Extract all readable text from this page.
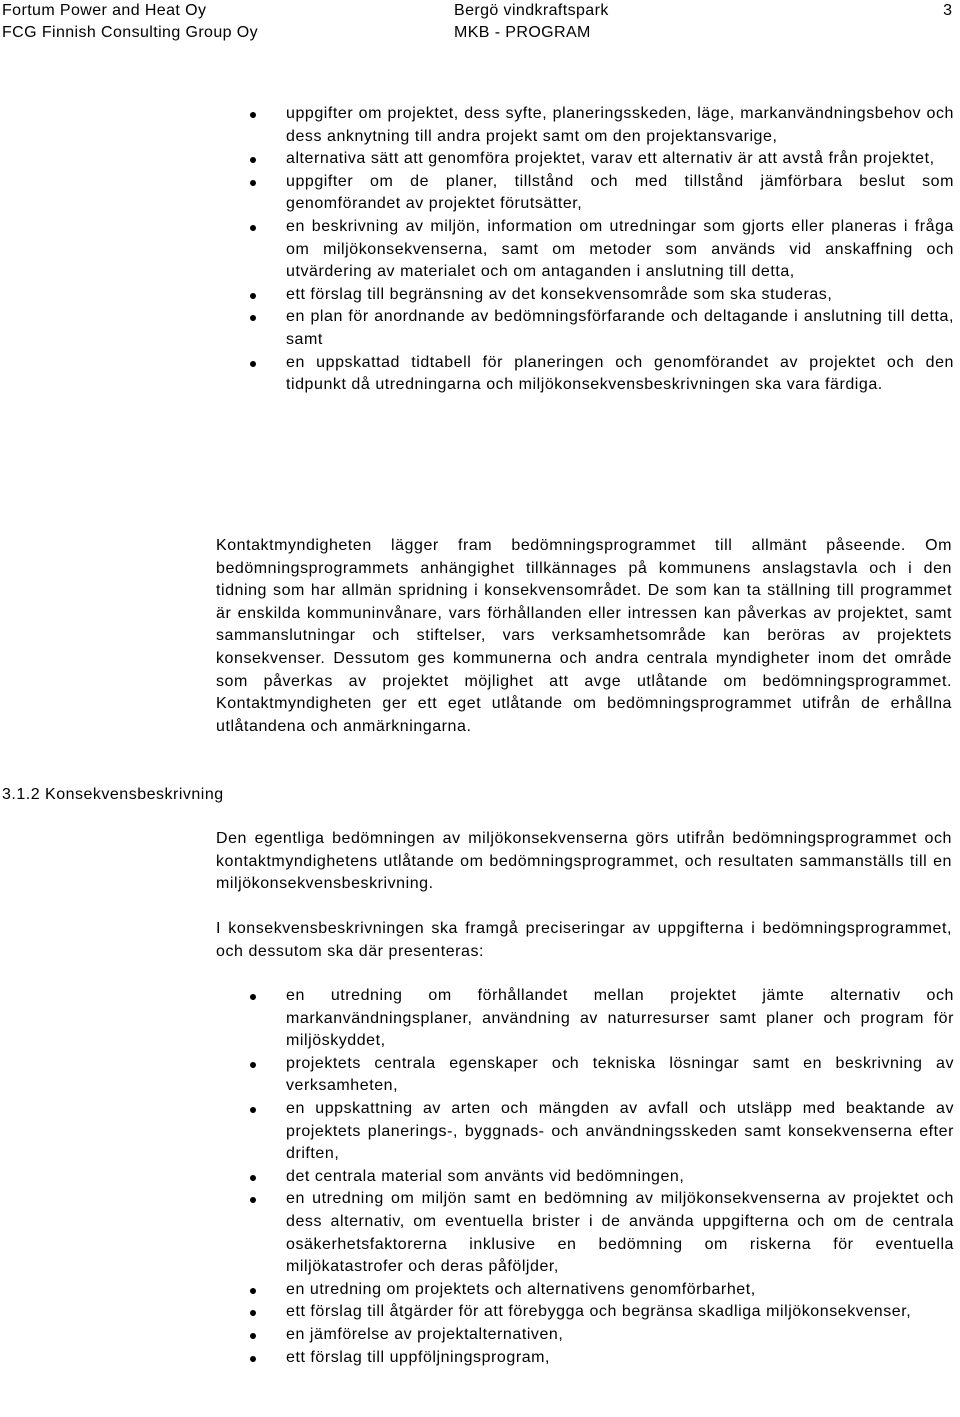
Fortum Power and Heat Oy
FCG Finnish Consulting Group Oy
Bergö vindkraftspark
MKB - PROGRAM
3
uppgifter om projektet, dess syfte, planeringsskeden, läge, markanvändningsbehov och dess anknytning till andra projekt samt om den projektansvarige,
alternativa sätt att genomföra projektet, varav ett alternativ är att avstå från projektet,
uppgifter om de planer, tillstånd och med tillstånd jämförbara beslut som genomförandet av projektet förutsätter,
en beskrivning av miljön, information om utredningar som gjorts eller planeras i fråga om miljökonsekvenserna, samt om metoder som används vid anskaffning och utvärdering av materialet och om antaganden i anslutning till detta,
ett förslag till begränsning av det konsekvensområde som ska studeras,
en plan för anordnande av bedömningsförfarande och deltagande i anslutning till detta, samt
en uppskattad tidtabell för planeringen och genomförandet av projektet och den tidpunkt då utredningarna och miljökonsekvensbeskrivningen ska vara färdiga.

Kontaktmyndigheten lägger fram bedömningsprogrammet till allmänt påseende. Om bedömningsprogrammets anhängighet tillkännages på kommunens anslagstavla och i den tidning som har allmän spridning i konsekvensområdet. De som kan ta ställning till programmet är enskilda kommuninvånare, vars förhållanden eller intressen kan påverkas av projektet, samt sammanslutningar och stiftelser, vars verksamhetsområde kan beröras av projektets konsekvenser. Dessutom ges kommunerna och andra centrala myndigheter inom det område som påverkas av projektet möjlighet att avge utlåtande om bedömningsprogrammet. Kontaktmyndigheten ger ett eget utlåtande om bedömningsprogrammet utifrån de erhållna utlåtandena och anmärkningarna.

3.1.2 Konsekvensbeskrivning

Den egentliga bedömningen av miljökonsekvenserna görs utifrån bedömningsprogrammet och kontaktmyndighetens utlåtande om bedömningsprogrammet, och resultaten sammanställs till en miljökonsekvensbeskrivning.

I konsekvensbeskrivningen ska framgå preciseringar av uppgifterna i bedömningsprogrammet, och dessutom ska där presenteras:

en utredning om förhållandet mellan projektet jämte alternativ och markanvändningsplaner, användning av naturresurser samt planer och program för miljöskyddet,
projektets centrala egenskaper och tekniska lösningar samt en beskrivning av verksamheten,
en uppskattning av arten och mängden av avfall och utsläpp med beaktande av projektets planerings-, byggnads- och användningsskeden samt konsekvenserna efter driften,
det centrala material som använts vid bedömningen,
en utredning om miljön samt en bedömning av miljökonsekvenserna av projektet och dess alternativ, om eventuella brister i de använda uppgifterna och om de centrala osäkerhetsfaktorerna inklusive en bedömning om riskerna för eventuella miljökatastrofer och deras påföljder,
en utredning om projektets och alternativens genomförbarhet,
ett förslag till åtgärder för att förebygga och begränsa skadliga miljökonsekvenser,
en jämförelse av projektalternativen,
ett förslag till uppföljningsprogram,
